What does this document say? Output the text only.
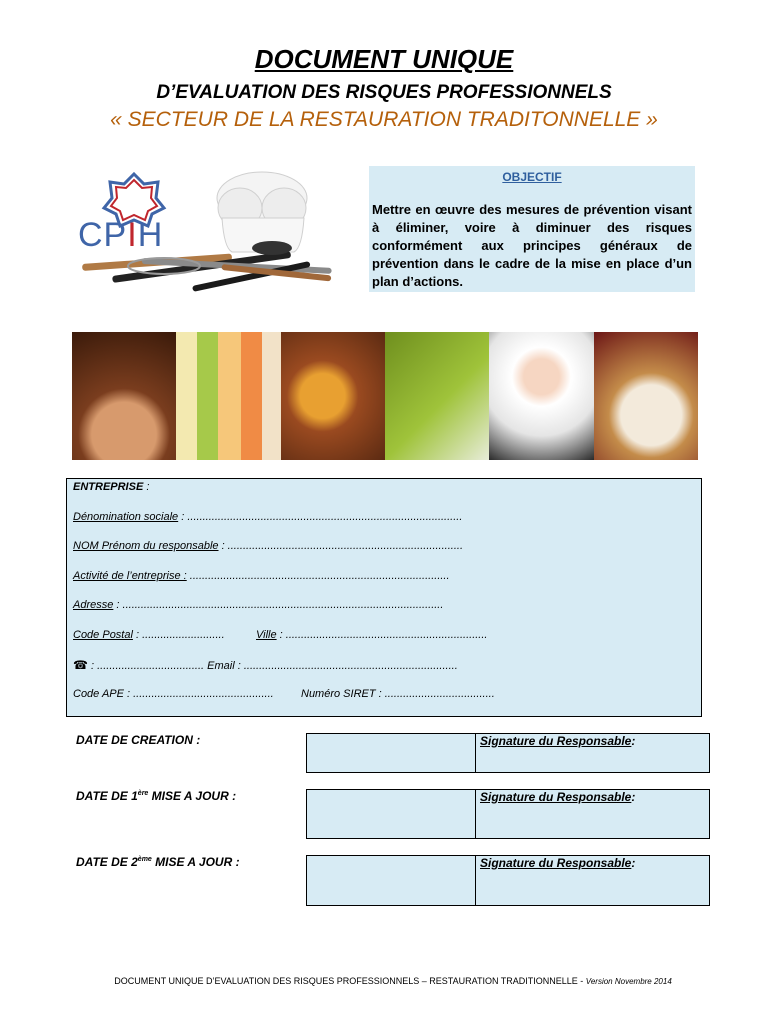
DOCUMENT UNIQUE
D’EVALUATION DES RISQUES PROFESSIONNELS
« SECTEUR DE LA RESTAURATION TRADITONNELLE »
CPIH
OBJECTIF
Mettre en œuvre des mesures de prévention visant à éliminer, voire à diminuer des risques conformément aux principes généraux de prévention dans le cadre de la mise en place d’un plan d’actions.
ENTREPRISE :
Dénomination sociale : ..........................................................................................
NOM Prénom du responsable : .............................................................................
Activité de l’entreprise : .....................................................................................
Adresse : .........................................................................................................
Code Postal : ...........................	Ville : ..................................................................
☎ : ................................... Email : ......................................................................
Code APE : .............................................. Numéro SIRET : ....................................
DATE DE CREATION :	Signature du Responsable:
DATE DE 1ère MISE A JOUR :	Signature du Responsable:
DATE DE 2ème MISE A JOUR :	Signature du Responsable:
DOCUMENT UNIQUE D’EVALUATION DES RISQUES PROFESSIONNELS – RESTAURATION TRADITIONNELLE - Version Novembre 2014
